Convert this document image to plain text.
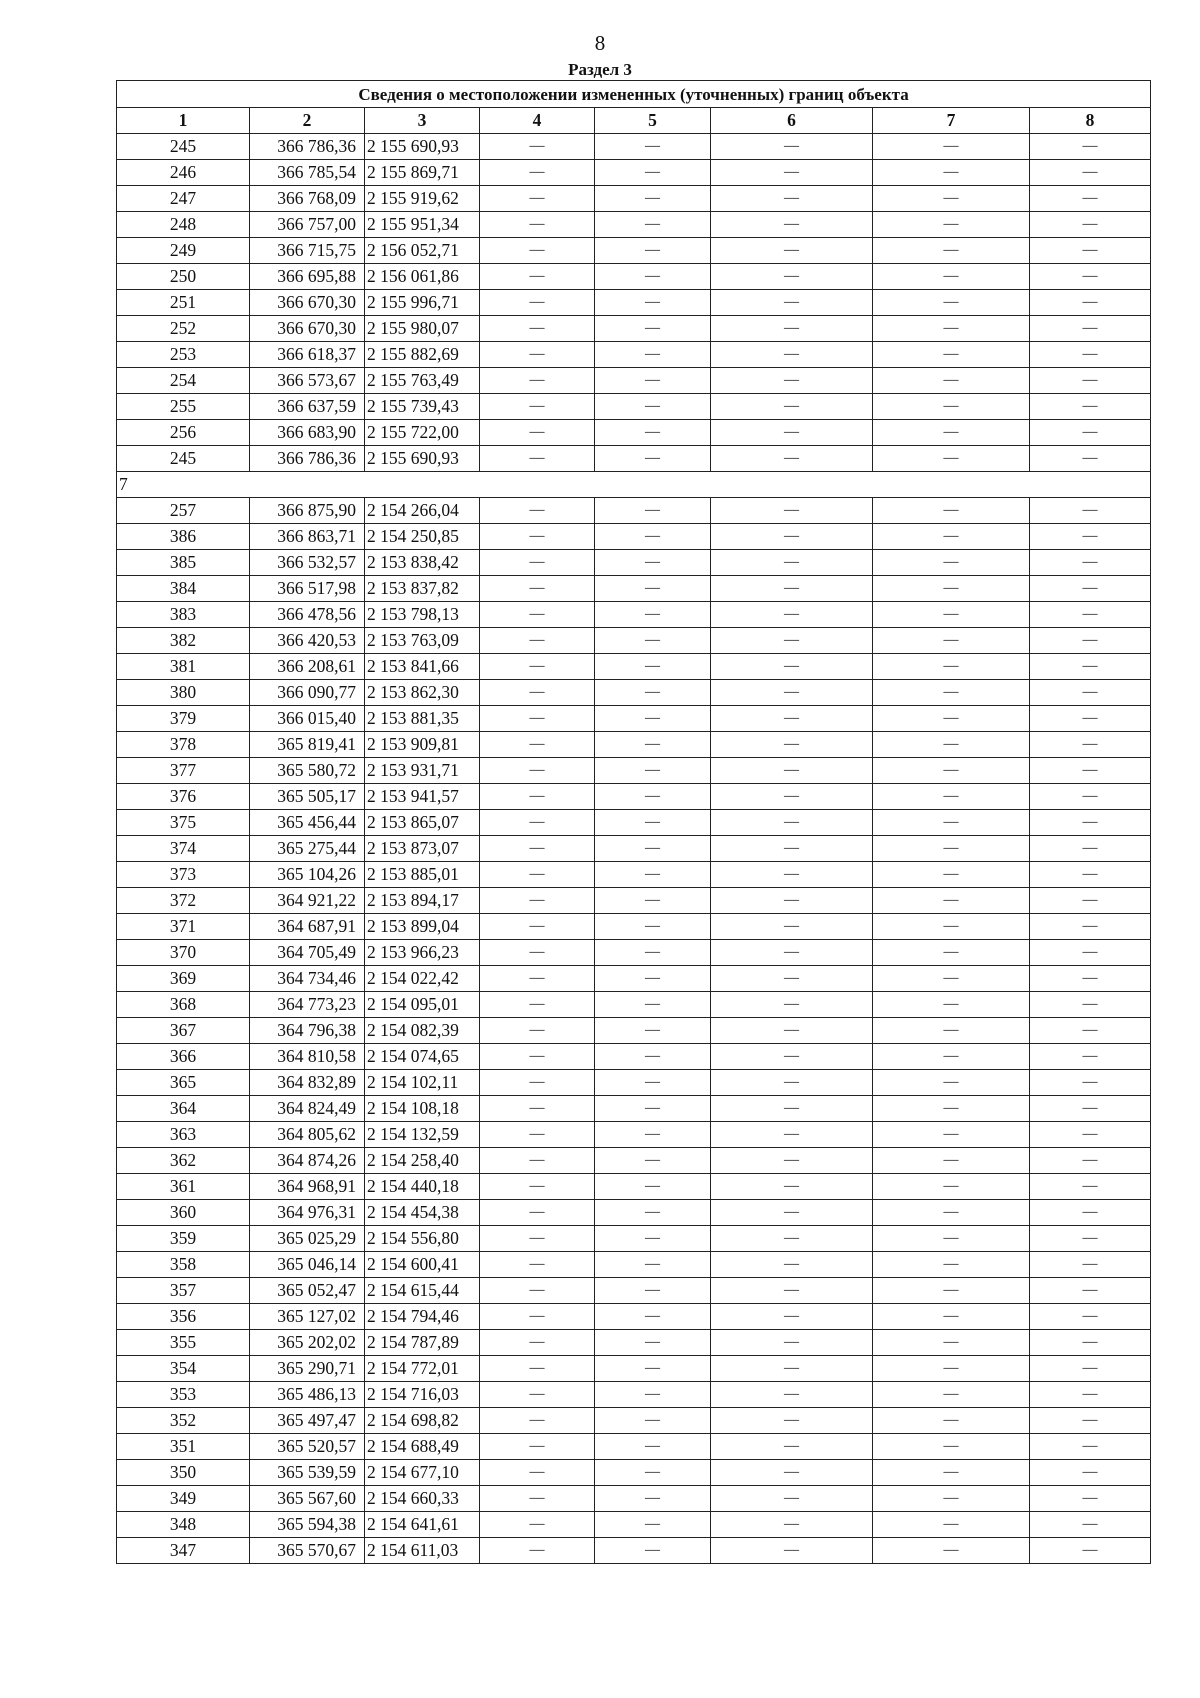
8
Раздел 3
Сведения о местоположении измененных (уточненных) границ объекта							
1	2	3	4	5	6	7	8
245	366 786,36	2 155 690,93	—	—	—	—	—
246	366 785,54	2 155 869,71	—	—	—	—	—
247	366 768,09	2 155 919,62	—	—	—	—	—
248	366 757,00	2 155 951,34	—	—	—	—	—
249	366 715,75	2 156 052,71	—	—	—	—	—
250	366 695,88	2 156 061,86	—	—	—	—	—
251	366 670,30	2 155 996,71	—	—	—	—	—
252	366 670,30	2 155 980,07	—	—	—	—	—
253	366 618,37	2 155 882,69	—	—	—	—	—
254	366 573,67	2 155 763,49	—	—	—	—	—
255	366 637,59	2 155 739,43	—	—	—	—	—
256	366 683,90	2 155 722,00	—	—	—	—	—
245	366 786,36	2 155 690,93	—	—	—	—	—
7							
257	366 875,90	2 154 266,04	—	—	—	—	—
386	366 863,71	2 154 250,85	—	—	—	—	—
385	366 532,57	2 153 838,42	—	—	—	—	—
384	366 517,98	2 153 837,82	—	—	—	—	—
383	366 478,56	2 153 798,13	—	—	—	—	—
382	366 420,53	2 153 763,09	—	—	—	—	—
381	366 208,61	2 153 841,66	—	—	—	—	—
380	366 090,77	2 153 862,30	—	—	—	—	—
379	366 015,40	2 153 881,35	—	—	—	—	—
378	365 819,41	2 153 909,81	—	—	—	—	—
377	365 580,72	2 153 931,71	—	—	—	—	—
376	365 505,17	2 153 941,57	—	—	—	—	—
375	365 456,44	2 153 865,07	—	—	—	—	—
374	365 275,44	2 153 873,07	—	—	—	—	—
373	365 104,26	2 153 885,01	—	—	—	—	—
372	364 921,22	2 153 894,17	—	—	—	—	—
371	364 687,91	2 153 899,04	—	—	—	—	—
370	364 705,49	2 153 966,23	—	—	—	—	—
369	364 734,46	2 154 022,42	—	—	—	—	—
368	364 773,23	2 154 095,01	—	—	—	—	—
367	364 796,38	2 154 082,39	—	—	—	—	—
366	364 810,58	2 154 074,65	—	—	—	—	—
365	364 832,89	2 154 102,11	—	—	—	—	—
364	364 824,49	2 154 108,18	—	—	—	—	—
363	364 805,62	2 154 132,59	—	—	—	—	—
362	364 874,26	2 154 258,40	—	—	—	—	—
361	364 968,91	2 154 440,18	—	—	—	—	—
360	364 976,31	2 154 454,38	—	—	—	—	—
359	365 025,29	2 154 556,80	—	—	—	—	—
358	365 046,14	2 154 600,41	—	—	—	—	—
357	365 052,47	2 154 615,44	—	—	—	—	—
356	365 127,02	2 154 794,46	—	—	—	—	—
355	365 202,02	2 154 787,89	—	—	—	—	—
354	365 290,71	2 154 772,01	—	—	—	—	—
353	365 486,13	2 154 716,03	—	—	—	—	—
352	365 497,47	2 154 698,82	—	—	—	—	—
351	365 520,57	2 154 688,49	—	—	—	—	—
350	365 539,59	2 154 677,10	—	—	—	—	—
349	365 567,60	2 154 660,33	—	—	—	—	—
348	365 594,38	2 154 641,61	—	—	—	—	—
347	365 570,67	2 154 611,03	—	—	—	—	—
